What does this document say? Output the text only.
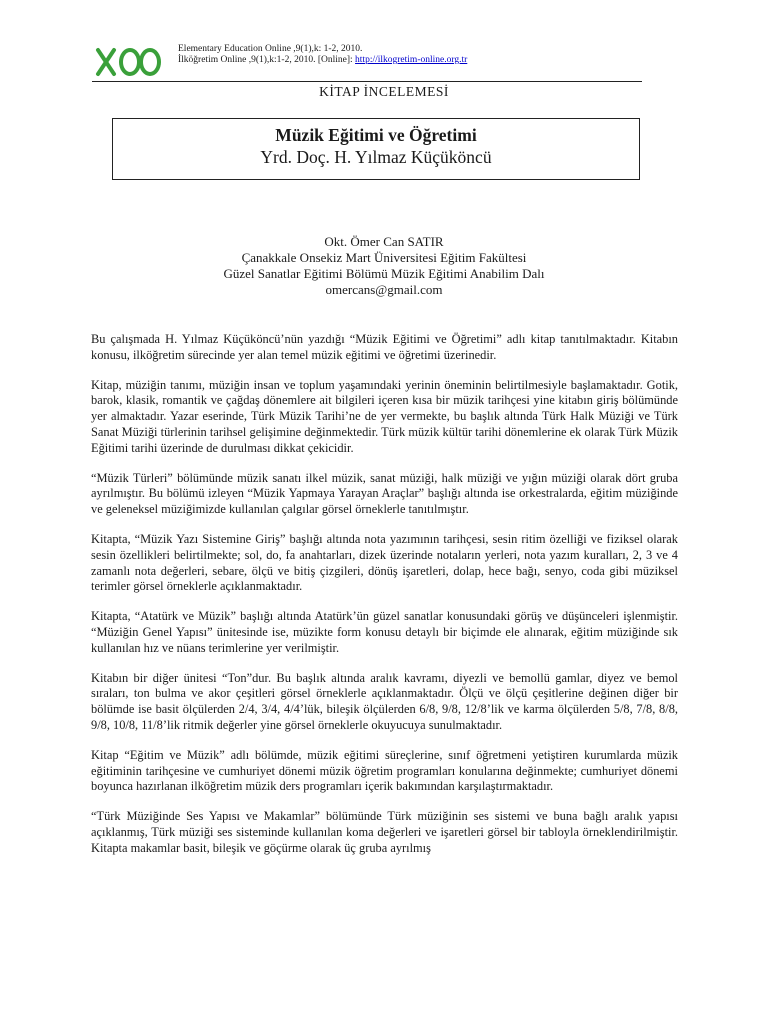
Elementary Education Online ,9(1),k: 1-2, 2010.
İlköğretim Online ,9(1),k:1-2, 2010. [Online]: http://ilkogretim-online.org.tr
KİTAP İNCELEMESİ
Müzik Eğitimi ve Öğretimi
Yrd. Doç. H. Yılmaz Küçüköncü
Okt. Ömer Can SATIR
Çanakkale Onsekiz Mart Üniversitesi Eğitim Fakültesi
Güzel Sanatlar Eğitimi Bölümü Müzik Eğitimi Anabilim Dalı
omercans@gmail.com

Bu çalışmada H. Yılmaz Küçüköncü’nün yazdığı “Müzik Eğitimi ve Öğretimi” adlı kitap tanıtılmaktadır. Kitabın konusu, ilköğretim sürecinde yer alan temel müzik eğitimi ve öğretimi üzerinedir.

Kitap, müziğin tanımı, müziğin insan ve toplum yaşamındaki yerinin öneminin belirtilmesiyle başlamaktadır. Gotik, barok, klasik, romantik ve çağdaş dönemlere ait bilgileri içeren kısa bir müzik tarihçesi yine kitabın giriş bölümünde yer almaktadır. Yazar eserinde, Türk Müzik Tarihi’ne de yer vermekte, bu başlık altında Türk Halk Müziği ve Türk Sanat Müziği türlerinin tarihsel gelişimine değinmektedir. Türk müzik kültür tarihi dönemlerine ek olarak Türk Müzik Eğitimi tarihi üzerinde de durulması dikkat çekicidir.

“Müzik Türleri” bölümünde müzik sanatı ilkel müzik, sanat müziği, halk müziği ve yığın müziği olarak dört gruba ayrılmıştır. Bu bölümü izleyen “Müzik Yapmaya Yarayan Araçlar” başlığı altında ise orkestralarda, eğitim müziğinde ve geleneksel müziğimizde kullanılan çalgılar görsel örneklerle tanıtılmıştır.

Kitapta, “Müzik Yazı Sistemine Giriş” başlığı altında nota yazımının tarihçesi, sesin ritim özelliği ve fiziksel olarak sesin özellikleri belirtilmekte; sol, do, fa anahtarları, dizek üzerinde notaların yerleri, nota yazım kuralları, 2, 3 ve 4 zamanlı nota değerleri, sebare, ölçü ve bitiş çizgileri, dönüş işaretleri, dolap, hece bağı, senyo, coda gibi müziksel terimler görsel örneklerle açıklanmaktadır.

Kitapta, “Atatürk ve Müzik” başlığı altında Atatürk’ün güzel sanatlar konusundaki görüş ve düşünceleri işlenmiştir. “Müziğin Genel Yapısı” ünitesinde ise, müzikte form konusu detaylı bir biçimde ele alınarak, eğitim müziğinde sık kullanılan hız ve nüans terimlerine yer verilmiştir.

Kitabın bir diğer ünitesi “Ton”dur. Bu başlık altında aralık kavramı, diyezli ve bemollü gamlar, diyez ve bemol sıraları, ton bulma ve akor çeşitleri görsel örneklerle açıklanmaktadır. Ölçü ve ölçü çeşitlerine değinen diğer bir bölümde ise basit ölçülerden 2/4, 3/4, 4/4’lük, bileşik ölçülerden 6/8, 9/8, 12/8’lik ve karma ölçülerden 5/8, 7/8, 8/8, 9/8, 10/8, 11/8’lik ritmik değerler yine görsel örneklerle okuyucuya sunulmaktadır.

Kitap “Eğitim ve Müzik” adlı bölümde, müzik eğitimi süreçlerine, sınıf öğretmeni yetiştiren kurumlarda müzik eğitiminin tarihçesine ve cumhuriyet dönemi müzik öğretim programları konularına değinmekte; cumhuriyet dönemi boyunca hazırlanan ilköğretim müzik ders programları içerik bakımından karşılaştırmaktadır.

“Türk Müziğinde Ses Yapısı ve Makamlar” bölümünde Türk müziğinin ses sistemi ve buna bağlı aralık yapısı açıklanmış, Türk müziği ses sisteminde kullanılan koma değerleri ve işaretleri görsel bir tabloyla örneklendirilmiştir. Kitapta makamlar basit, bileşik ve göçürme olarak üç gruba ayrılmış
